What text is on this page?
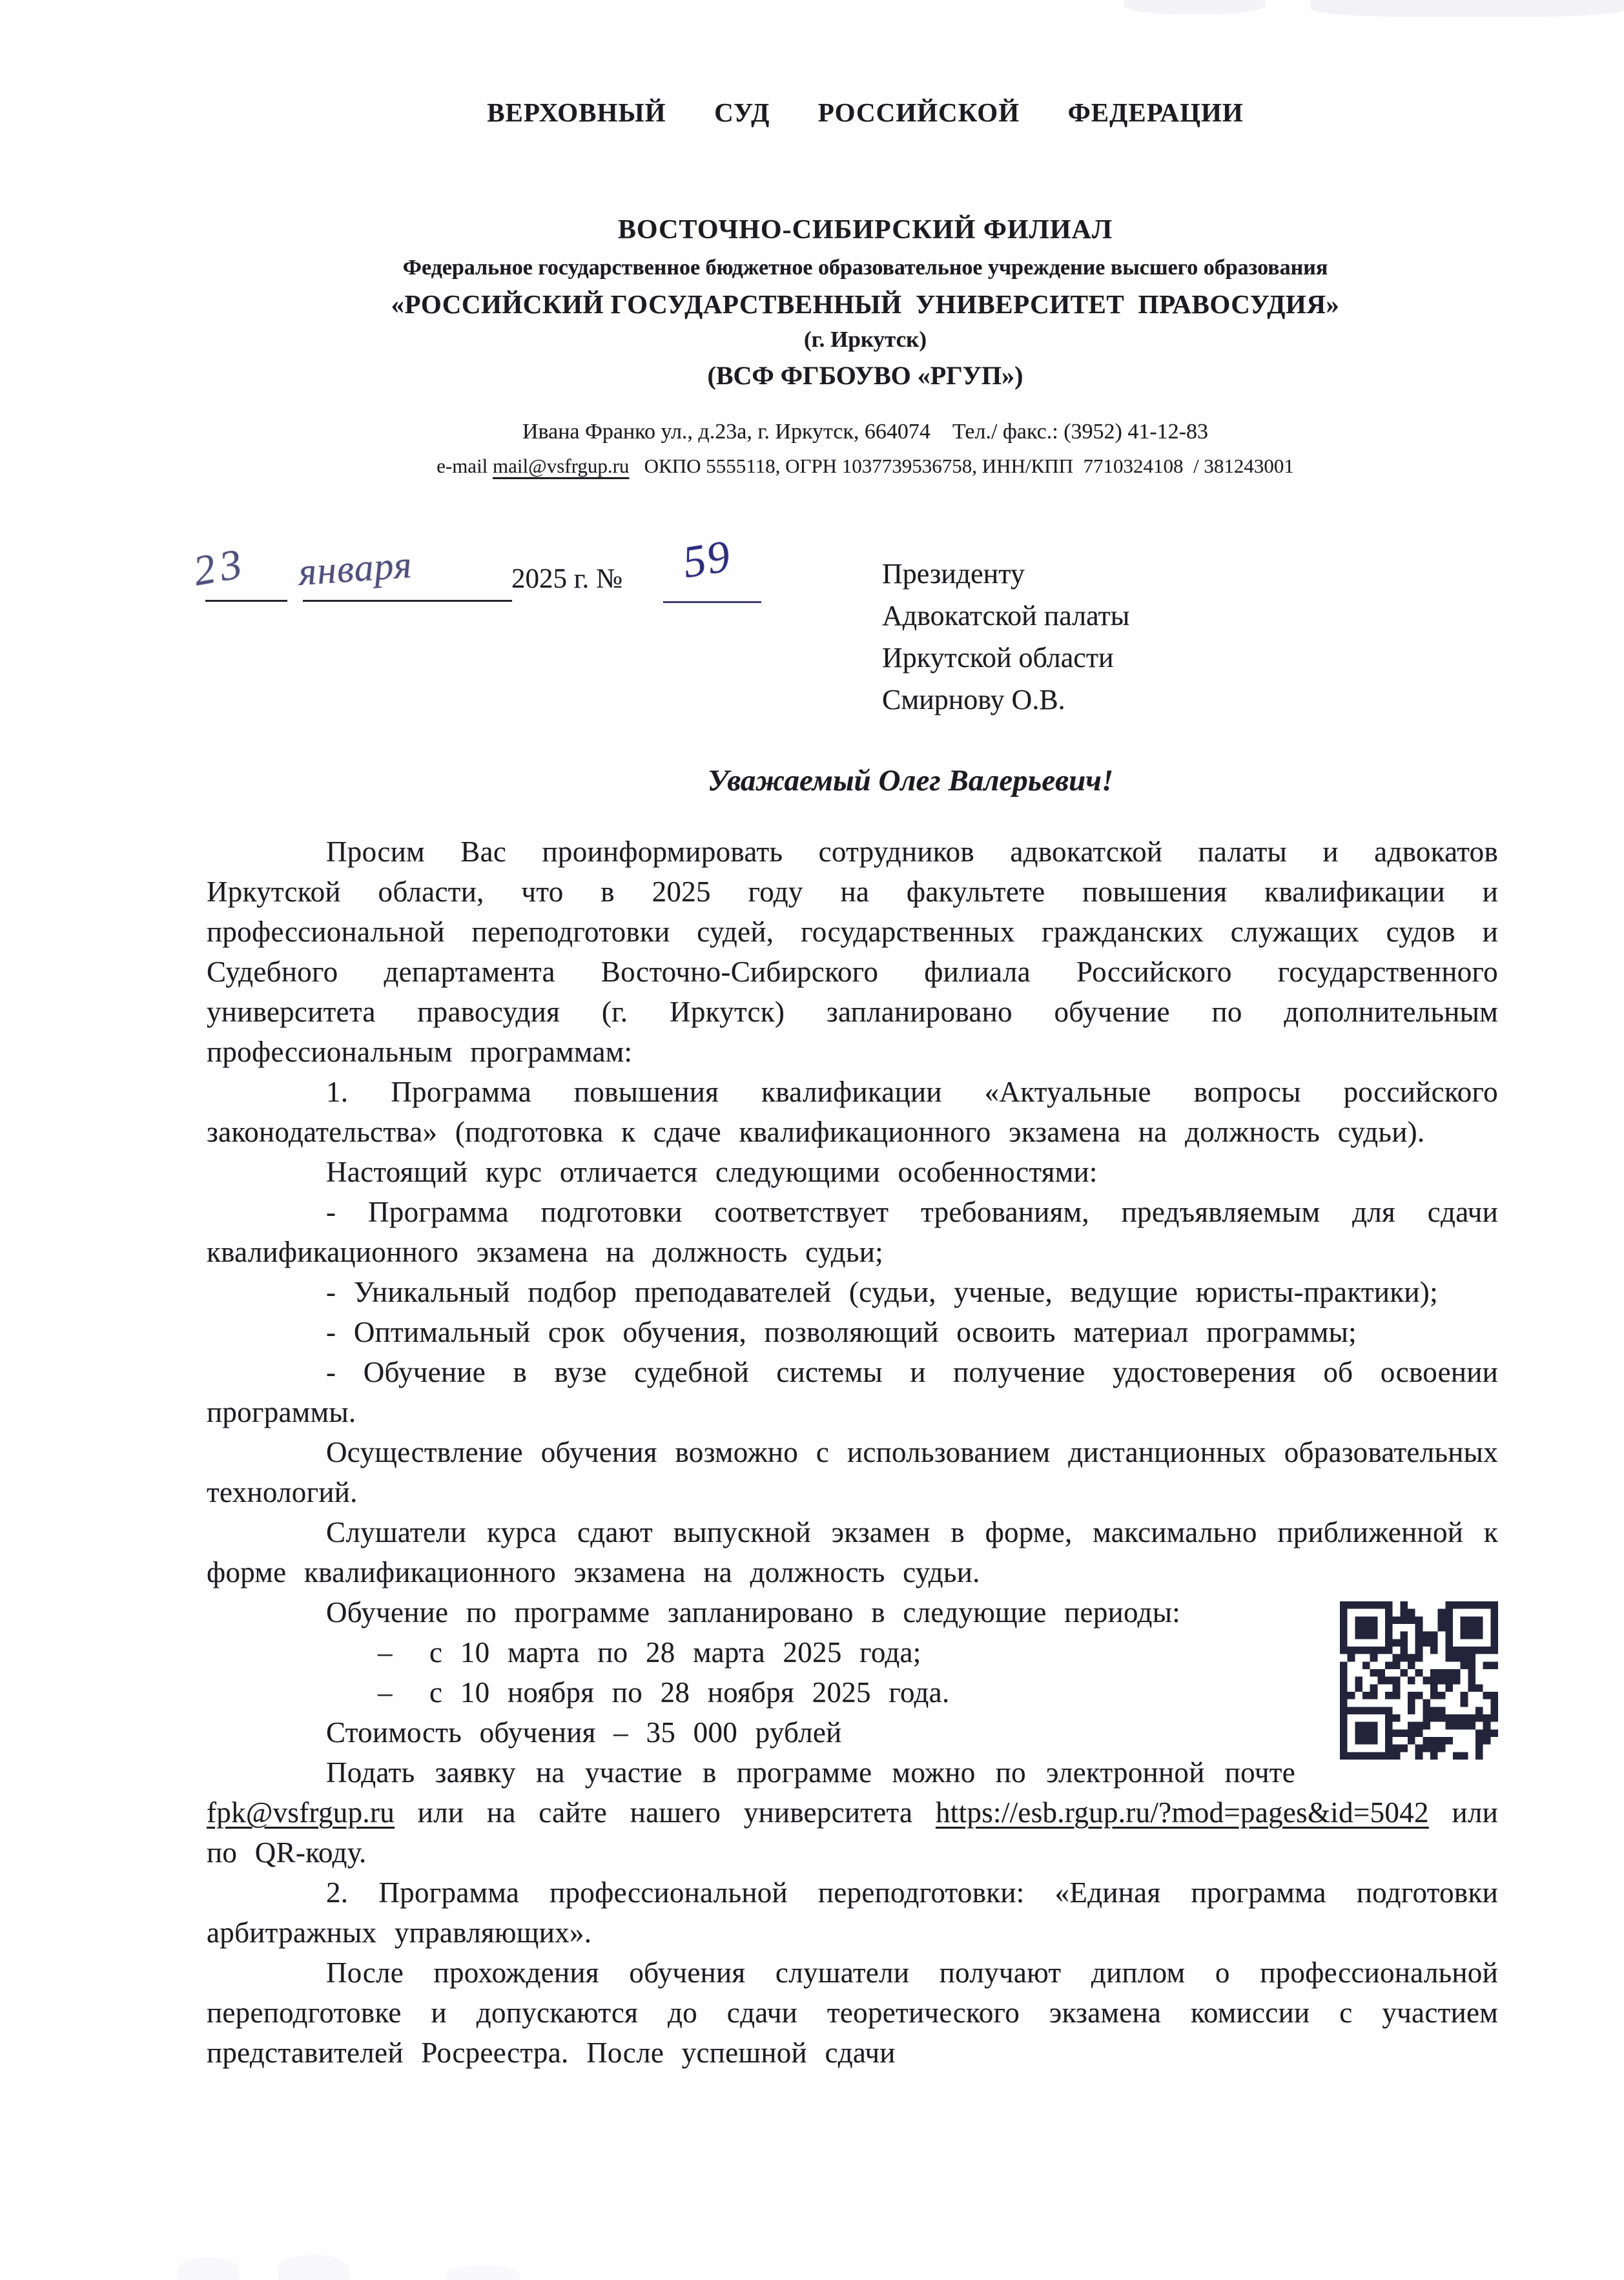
ВЕРХОВНЫЙ  СУД  РОССИЙСКОЙ  ФЕДЕРАЦИИ
ВОСТОЧНО-СИБИРСКИЙ ФИЛИАЛ
Федеральное государственное бюджетное образовательное учреждение высшего образования
«РОССИЙСКИЙ ГОСУДАРСТВЕННЫЙ  УНИВЕРСИТЕТ  ПРАВОСУДИЯ»
(г. Иркутск)
(ВСФ ФГБОУВО «РГУП»)
Ивана Франко ул., д.23а, г. Иркутск, 664074    Тел./ факс.: (3952) 41-12-83
e-mail mail@vsfrgup.ru   ОКПО 5555118, ОГРН 1037739536758, ИНН/КПП  7710324108  / 381243001
23 января	2025 г. № 59	Президенту
Адвокатской палаты
Иркутской области
Смирнову О.В.
Уважаемый Олег Валерьевич!

Просим Вас проинформировать сотрудников адвокатской палаты и адвокатов Иркутской области, что в 2025 году на факультете повышения квалификации и профессиональной переподготовки судей, государственных гражданских служащих судов и Судебного департамента Восточно-Сибирского филиала Российского государственного университета правосудия (г. Иркутск) запланировано обучение по дополнительным профессиональным программам:

1. Программа повышения квалификации «Актуальные вопросы российского законодательства» (подготовка к сдаче квалификационного экзамена на должность судьи).

Настоящий курс отличается следующими особенностями:

- Программа подготовки соответствует требованиям, предъявляемым для сдачи квалификационного экзамена на должность судьи;

- Уникальный подбор преподавателей (судьи, ученые, ведущие юристы-практики);

- Оптимальный срок обучения, позволяющий освоить материал программы;

- Обучение в вузе судебной системы и получение удостоверения об освоении программы.

Осуществление обучения возможно с использованием дистанционных образовательных технологий.

Слушатели курса сдают выпускной экзамен в форме, максимально приближенной к форме квалификационного экзамена на должность судьи.

Обучение по программе запланировано в следующие периоды:

– с 10 марта по 28 марта 2025 года;

– с 10 ноября по 28 ноября 2025 года.

Стоимость обучения – 35 000 рублей

Подать заявку на участие в программе можно по электронной почте fpk@vsfrgup.ru или на сайте нашего университета https://esb.rgup.ru/?mod=pages&id=5042 или по QR-коду.

2. Программа профессиональной переподготовки: «Единая программа подготовки арбитражных управляющих».

После прохождения обучения слушатели получают диплом о профессиональной переподготовке и допускаются до сдачи теоретического экзамена комиссии с участием представителей Росреестра. После успешной сдачи
